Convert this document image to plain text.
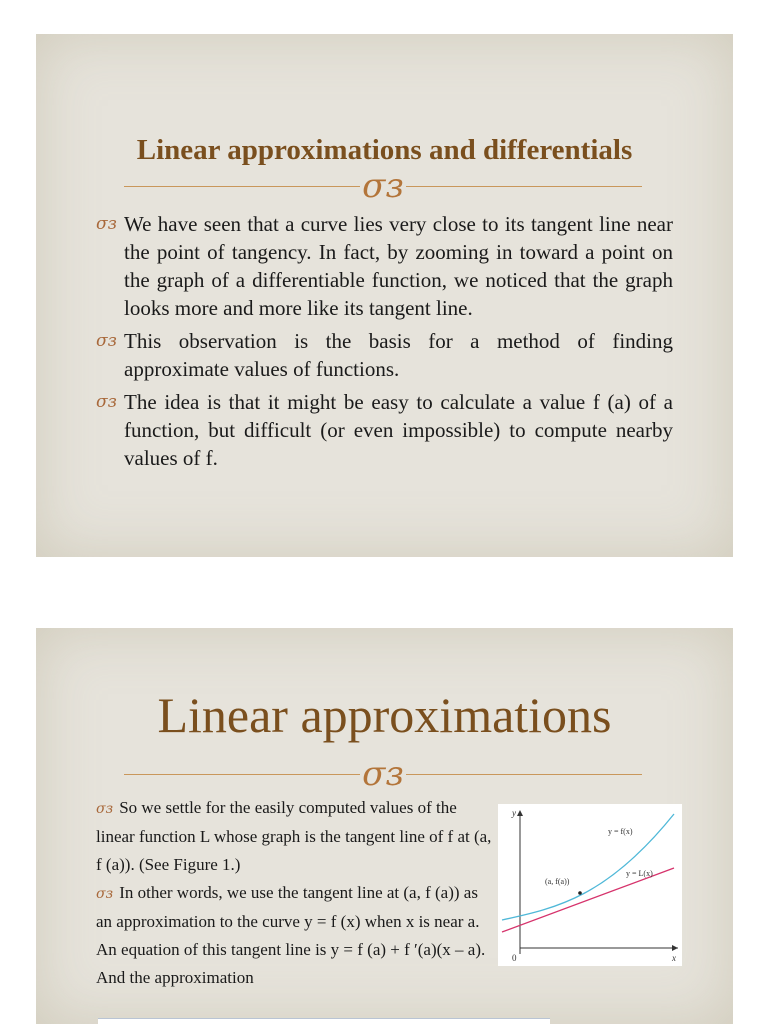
Linear approximations and differentials
σз
σз We have seen that a curve lies very close to its tangent line near the point of tangency. In fact, by zooming in toward a point on the graph of a differentiable function, we noticed that the graph looks more and more like its tangent line.
σз This observation is the basis for a method of finding approximate values of functions.
σз The idea is that it might be easy to calculate a value f (a) of a function, but difficult (or even impossible) to compute nearby values of f.
Linear approximations
σз
σз So we settle for the easily computed values of the linear function L whose graph is the tangent line of f at (a, f (a)). (See Figure 1.)
σз In other words, we use the tangent line at (a, f (a)) as an approximation to the curve y = f (x) when x is near a. An equation of this tangent line is y = f (a) + f ′(a)(x – a).
And the approximation
y
x
0
(a, f(a))
y = f(x)
y = L(x)
